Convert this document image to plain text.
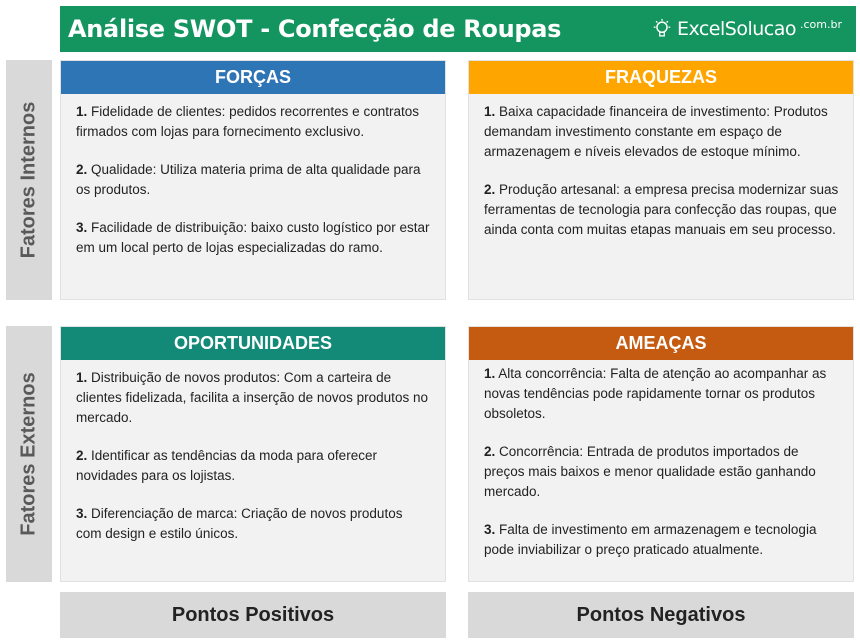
Análise SWOT - Confecção de Roupas	ExcelSolucao .com.br
Fatores Internos
Fatores Externos
FORÇAS
1. Fidelidade de clientes: pedidos recorrentes e contratos firmados com lojas para fornecimento exclusivo.
2. Qualidade: Utiliza materia prima de alta qualidade para os produtos.
3. Facilidade de distribuição: baixo custo logístico por estar em um local perto de lojas especializadas do ramo.
FRAQUEZAS
1. Baixa capacidade financeira de investimento: Produtos demandam investimento constante em espaço de armazenagem e níveis elevados de estoque mínimo.
2. Produção artesanal: a empresa precisa modernizar suas ferramentas de tecnologia para confecção das roupas, que ainda conta com muitas etapas manuais em seu processo.
OPORTUNIDADES
1. Distribuição de novos produtos: Com a carteira de clientes fidelizada, facilita a inserção de novos produtos no mercado.
2. Identificar as tendências da moda para oferecer novidades para os lojistas.
3. Diferenciação de marca: Criação de novos produtos com design e estilo únicos.
AMEAÇAS
1. Alta concorrência: Falta de atenção ao acompanhar as novas tendências pode rapidamente tornar os produtos obsoletos.
2. Concorrência: Entrada de produtos importados de preços mais baixos e menor qualidade estão ganhando mercado.
3. Falta de investimento em armazenagem e tecnologia pode inviabilizar o preço praticado atualmente.
Pontos Positivos	Pontos Negativos
